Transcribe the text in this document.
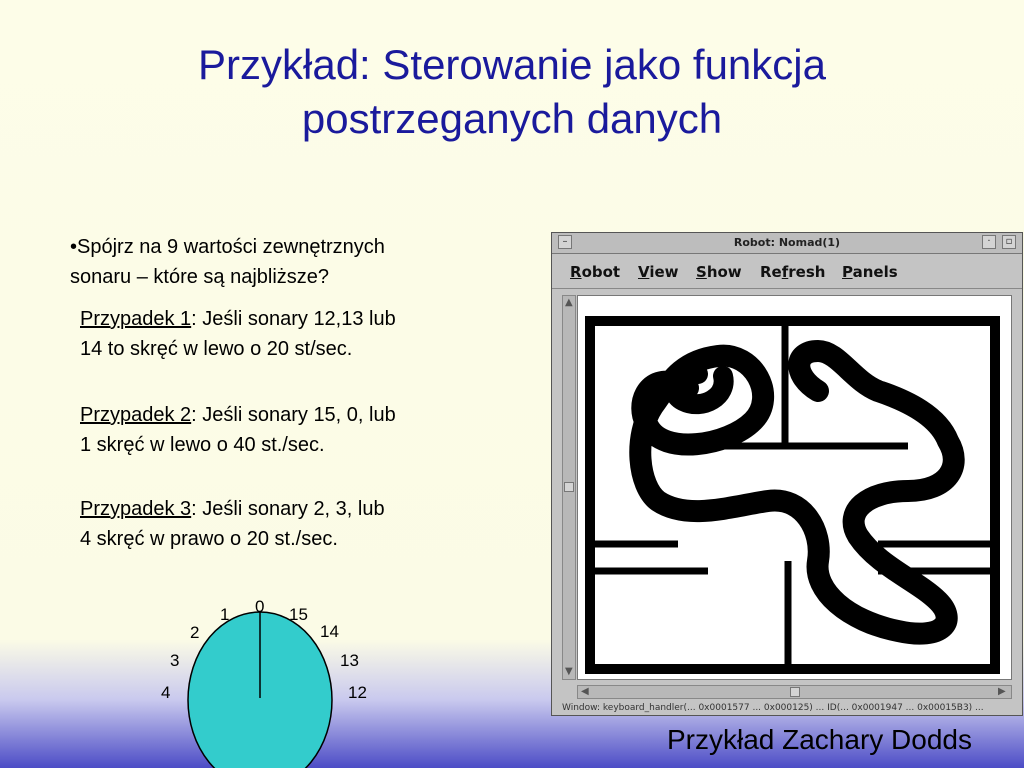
Przykład: Sterowanie jako funkcja
postrzeganych danych
•Spójrz na 9 wartości zewnętrznych
sonaru – które są najbliższe?
Przypadek 1: Jeśli sonary 12,13 lub
14 to skręć w lewo o 20 st/sec.
Przypadek 2: Jeśli sonary 15, 0, lub
1 skręć w lewo o 40 st./sec.
Przypadek 3: Jeśli sonary 2, 3, lub
4 skręć w prawo o 20 st./sec.
0
1
2
3
4	12
13
14
15
Robot: Nomad(1)
–	·	▫
Robot View Show Refresh Panels
▲
▼
◀	▶
Window: keyboard_handler(... 0x0001577 ... 0x000125) ... ID(... 0x0001947 ... 0x00015B3) ...
Przykład Zachary Dodds
